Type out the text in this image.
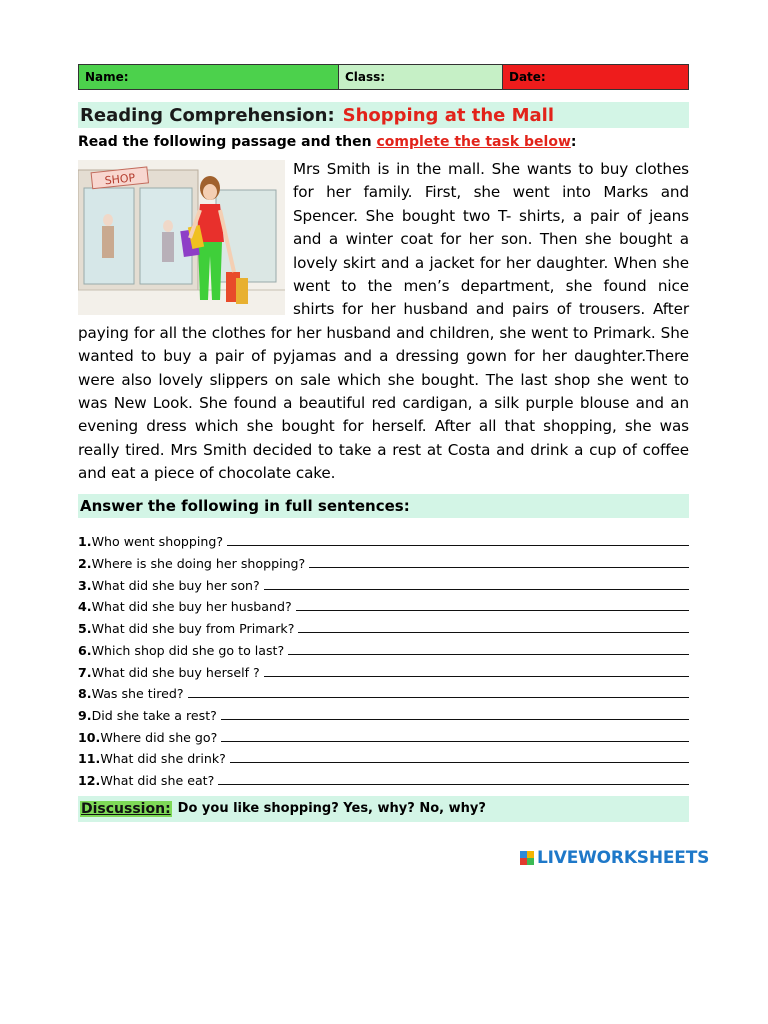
Name:	Class:	Date:
Reading Comprehension: Shopping at the Mall
Read the following passage and then complete the task below:
SHOP
Mrs Smith is in the mall. She wants to buy clothes for her family. First, she went into Marks and Spencer. She bought two T- shirts, a pair of jeans and a winter coat for her son. Then she bought a lovely skirt and a jacket for her daughter. When she went to the men’s department, she found nice shirts for her husband and pairs of trousers. After paying for all the clothes for her husband and children, she went to Primark. She wanted to buy a pair of pyjamas and a dressing gown for her daughter.There were also lovely slippers on sale which she bought. The last shop she went to was New Look. She found a beautiful red cardigan, a silk purple blouse and an evening dress which she bought for herself. After all that shopping, she was really tired. Mrs Smith decided to take a rest at Costa and drink a cup of coffee and eat a piece of chocolate cake.
Answer the following in full sentences:
1. Who went shopping?
2. Where is she doing her shopping?
3. What did she buy her son?
4. What did she buy her husband?
5. What did she buy from Primark?
6. Which shop did she go to last?
7. What did she buy herself ?
8. Was she tired?
9. Did she take a rest?
10. Where did she go?
11. What did she drink?
12. What did she eat?
Discussion: Do you like shopping? Yes, why? No, why?
LIVEWORKSHEETS
